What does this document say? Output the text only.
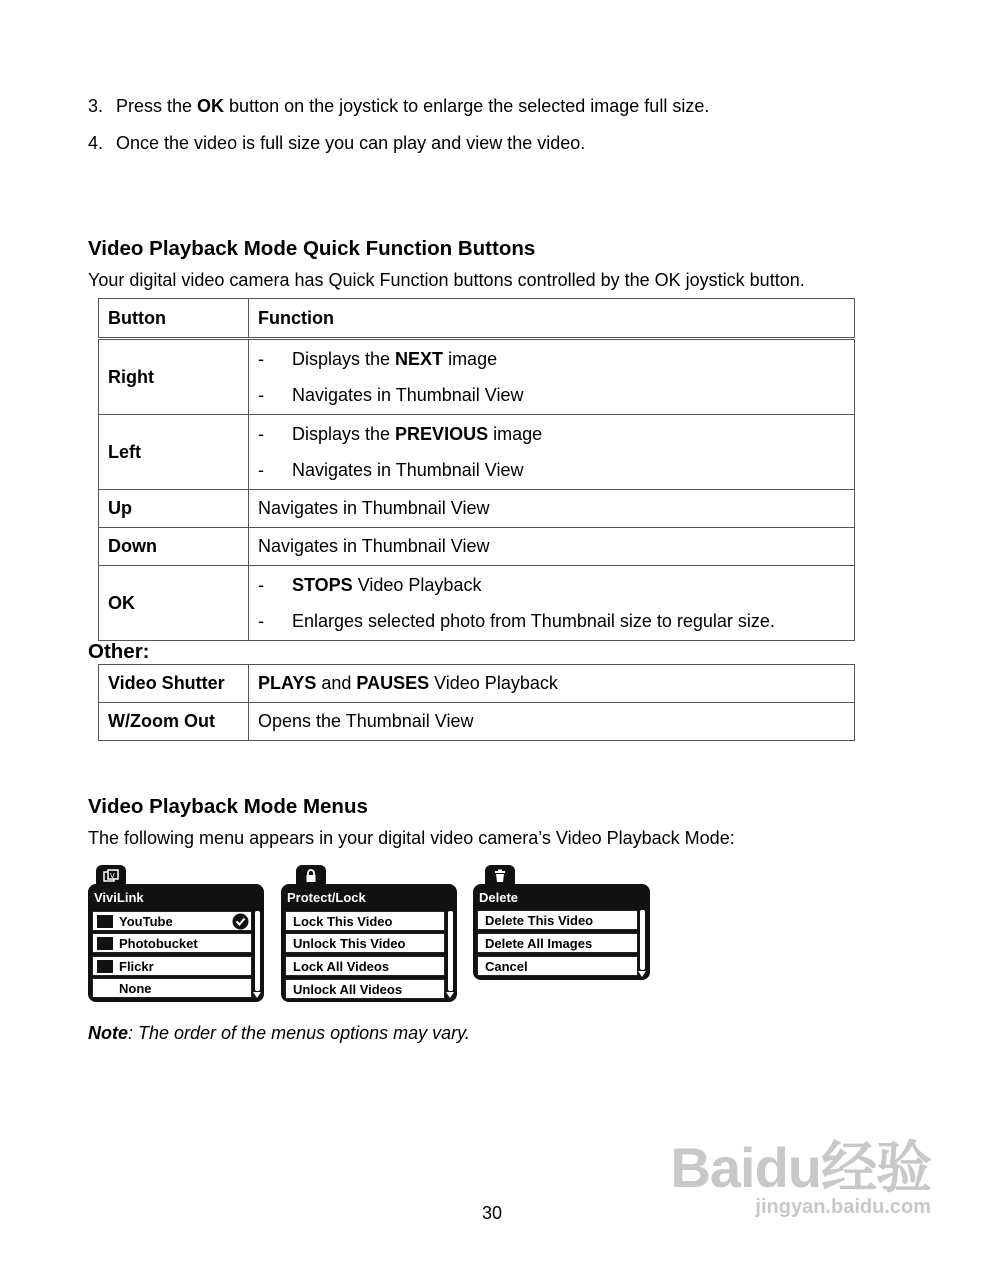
3. Press the OK button on the joystick to enlarge the selected image full size.
4. Once the video is full size you can play and view the video.
Video Playback Mode Quick Function Buttons

Your digital video camera has Quick Function buttons controlled by the OK joystick button.

Button	Function
Right	- Displays the NEXT image
- Navigates in Thumbnail View

Left	- Displays the PREVIOUS image
- Navigates in Thumbnail View

Up	Navigates in Thumbnail View
Down	Navigates in Thumbnail View
OK	- STOPS Video Playback
- Enlarges selected photo from Thumbnail size to regular size.
Other:
Video Shutter	PLAYS and PAUSES Video Playback
W/Zoom Out	Opens the Thumbnail View
Video Playback Mode Menus

The following menu appears in your digital video camera’s Video Playback Mode:

V
ViviLink
YouTube
Photobucket
Flickr
None
Protect/Lock
Lock This Video
Unlock This Video
Lock All Videos
Unlock All Videos
Delete
Delete This Video
Delete All Images
Cancel
Note: The order of the menus options may vary.
30
Baidu经验
jingyan.baidu.com
